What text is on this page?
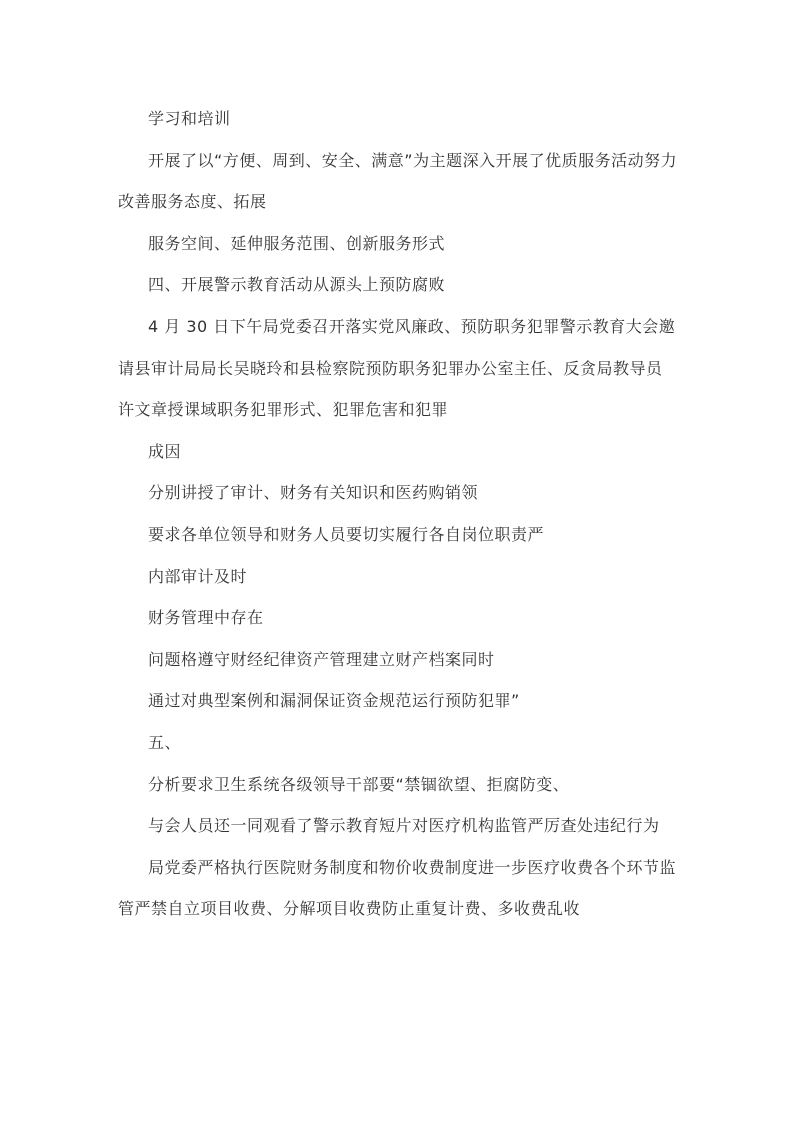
学习和培训

开展了以“方便、周到、安全、满意”为主题深入开展了优质服务活动努力改善服务态度、拓展

服务空间、延伸服务范围、创新服务形式

四、开展警示教育活动从源头上预防腐败

4 月 30 日下午局党委召开落实党风廉政、预防职务犯罪警示教育大会邀请县审计局局长吴晓玲和县检察院预防职务犯罪办公室主任、反贪局教导员许文章授课域职务犯罪形式、犯罪危害和犯罪

成因

分别讲授了审计、财务有关知识和医药购销领

要求各单位领导和财务人员要切实履行各自岗位职责严

内部审计及时

财务管理中存在

问题格遵守财经纪律资产管理建立财产档案同时

通过对典型案例和漏洞保证资金规范运行预防犯罪”

五、

分析要求卫生系统各级领导干部要“禁锢欲望、拒腐防变、

与会人员还一同观看了警示教育短片对医疗机构监管严厉查处违纪行为

局党委严格执行医院财务制度和物价收费制度进一步医疗收费各个环节监管严禁自立项目收费、分解项目收费防止重复计费、多收费乱收
